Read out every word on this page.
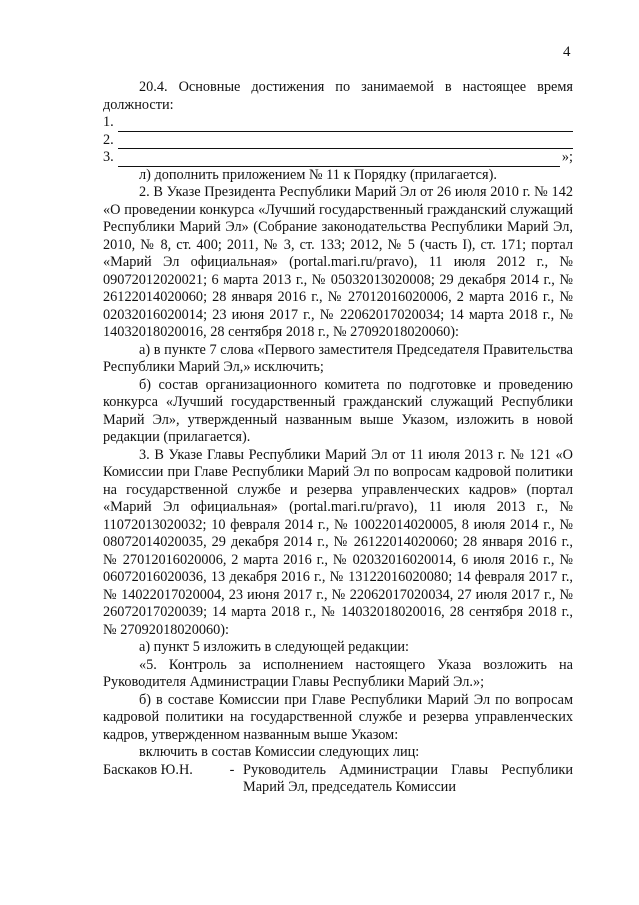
4

20.4. Основные достижения по занимаемой в настоящее время должности:

1.
2.
3.	»;

л) дополнить приложением № 11 к Порядку (прилагается).

2. В Указе Президента Республики Марий Эл от 26 июля 2010 г. № 142 «О проведении конкурса «Лучший государственный гражданский служащий Республики Марий Эл» (Собрание законодательства Республики Марий Эл, 2010, № 8, ст. 400; 2011, № 3, ст. 133; 2012, № 5 (часть I), ст. 171; портал «Марий Эл официальная» (portal.mari.ru/pravo), 11 июля 2012 г., № 09072012020021; 6 марта 2013 г., № 05032013020008; 29 декабря 2014 г., № 26122014020060; 28 января 2016 г., № 27012016020006, 2 марта 2016 г., № 02032016020014; 23 июня 2017 г., № 22062017020034; 14 марта 2018 г., № 14032018020016, 28 сентября 2018 г., № 27092018020060):

а) в пункте 7 слова «Первого заместителя Председателя Правительства Республики Марий Эл,» исключить;

б) состав организационного комитета по подготовке и проведению конкурса «Лучший государственный гражданский служащий Республики Марий Эл», утвержденный названным выше Указом, изложить в новой редакции (прилагается).

3. В Указе Главы Республики Марий Эл от 11 июля 2013 г. № 121 «О Комиссии при Главе Республики Марий Эл по вопросам кадровой политики на государственной службе и резерва управленческих кадров» (портал «Марий Эл официальная» (portal.mari.ru/pravo), 11 июля 2013 г., № 11072013020032; 10 февраля 2014 г., № 10022014020005, 8 июля 2014 г., № 08072014020035, 29 декабря 2014 г., № 26122014020060; 28 января 2016 г., № 27012016020006, 2 марта 2016 г., № 02032016020014, 6 июля 2016 г., № 06072016020036, 13 декабря 2016 г., № 13122016020080; 14 февраля 2017 г., № 14022017020004, 23 июня 2017 г., № 22062017020034, 27 июля 2017 г., № 26072017020039; 14 марта 2018 г., № 14032018020016, 28 сентября 2018 г., № 27092018020060):

а) пункт 5 изложить в следующей редакции:

«5. Контроль за исполнением настоящего Указа возложить на Руководителя Администрации Главы Республики Марий Эл.»;

б) в составе Комиссии при Главе Республики Марий Эл по вопросам кадровой политики на государственной службе и резерва управленческих кадров, утвержденном названным выше Указом:

включить в состав Комиссии следующих лиц:

Баскаков Ю.Н.	- Руководитель Администрации Главы Республики Марий Эл, председатель Комиссии
